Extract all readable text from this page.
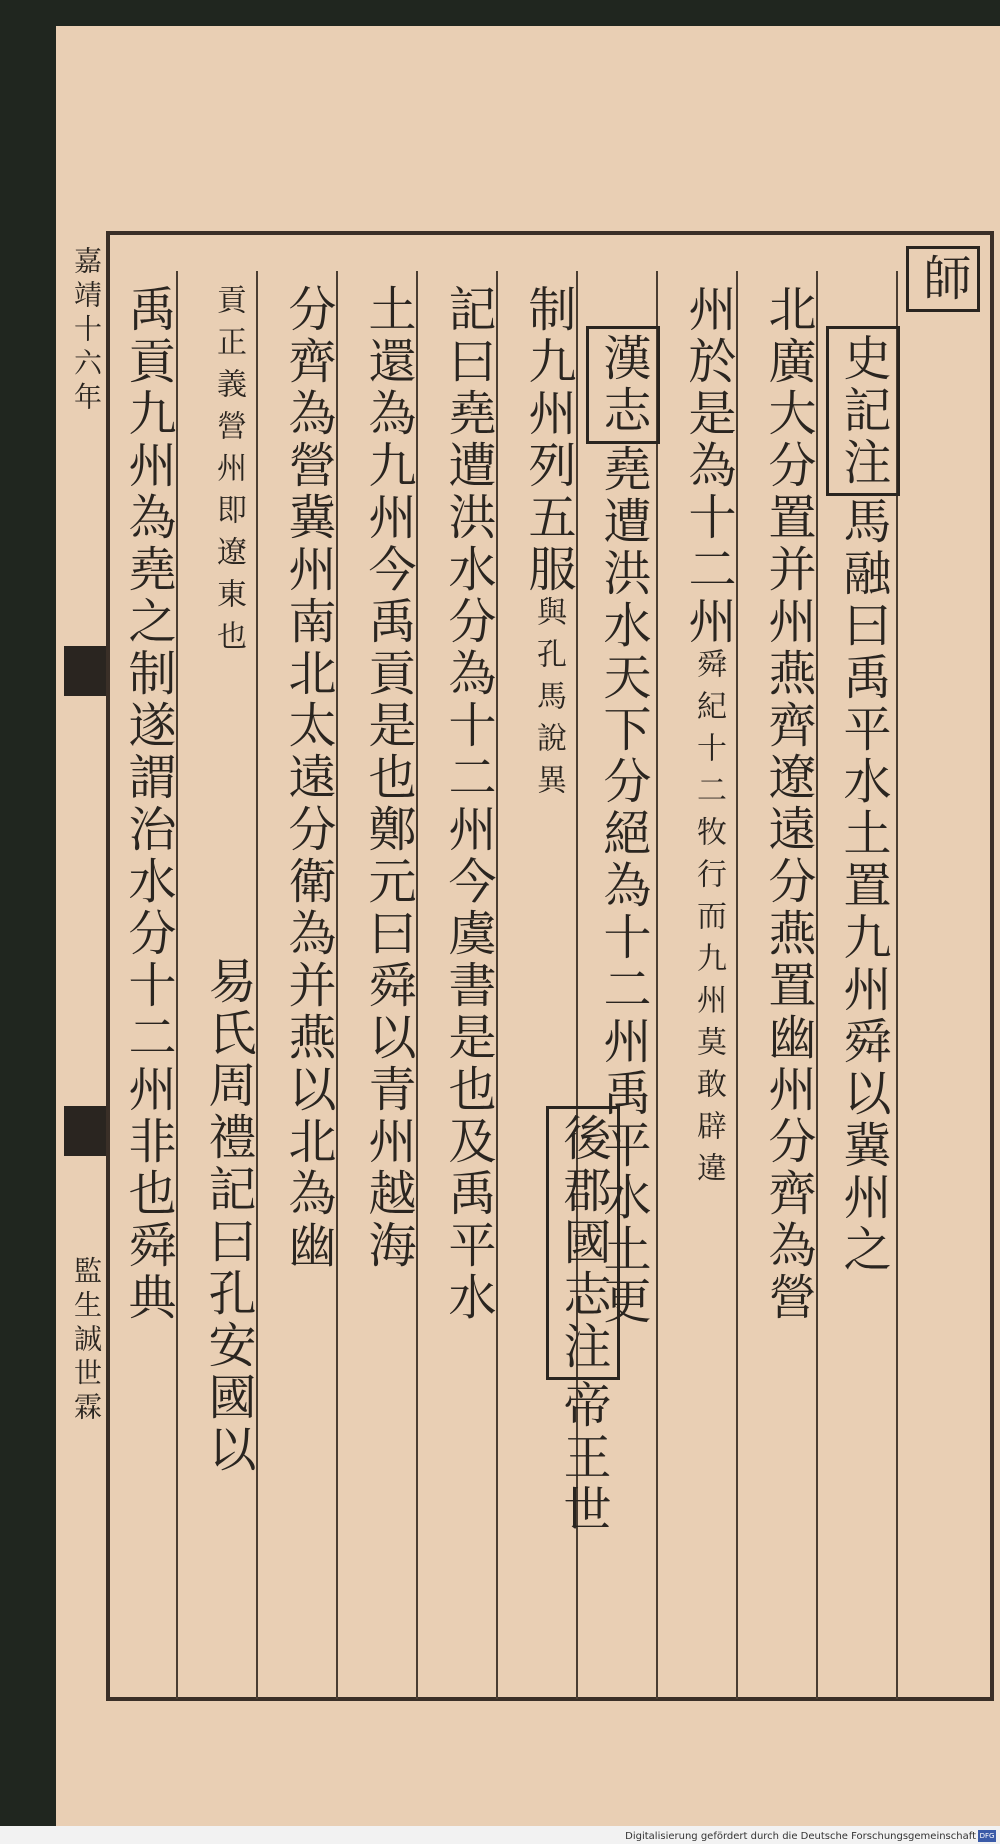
嘉靖十六年
監生誠世霖
師
史記注馬融曰禹平水土置九州舜以冀州之
北廣大分置并州燕齊遼遠分燕置幽州分齊為營
州於是為十二州舜紀十二牧行而九州莫敢辟違
漢志堯遭洪水天下分絕為十二州禹平水土更
制九州列五服與孔馬說異
後郡國志注帝王世
記曰堯遭洪水分為十二州今虞書是也及禹平水
土還為九州今禹貢是也鄭元曰舜以青州越海
分齊為營冀州南北太遠分衛為并燕以北為幽
貢正義營州即遼東也
易氏周禮記曰孔安國以
禹貢九州為堯之制遂謂治水分十二州非也舜典
Digitalisierung gefördert durch die Deutsche Forschungsgemeinschaft DFG
